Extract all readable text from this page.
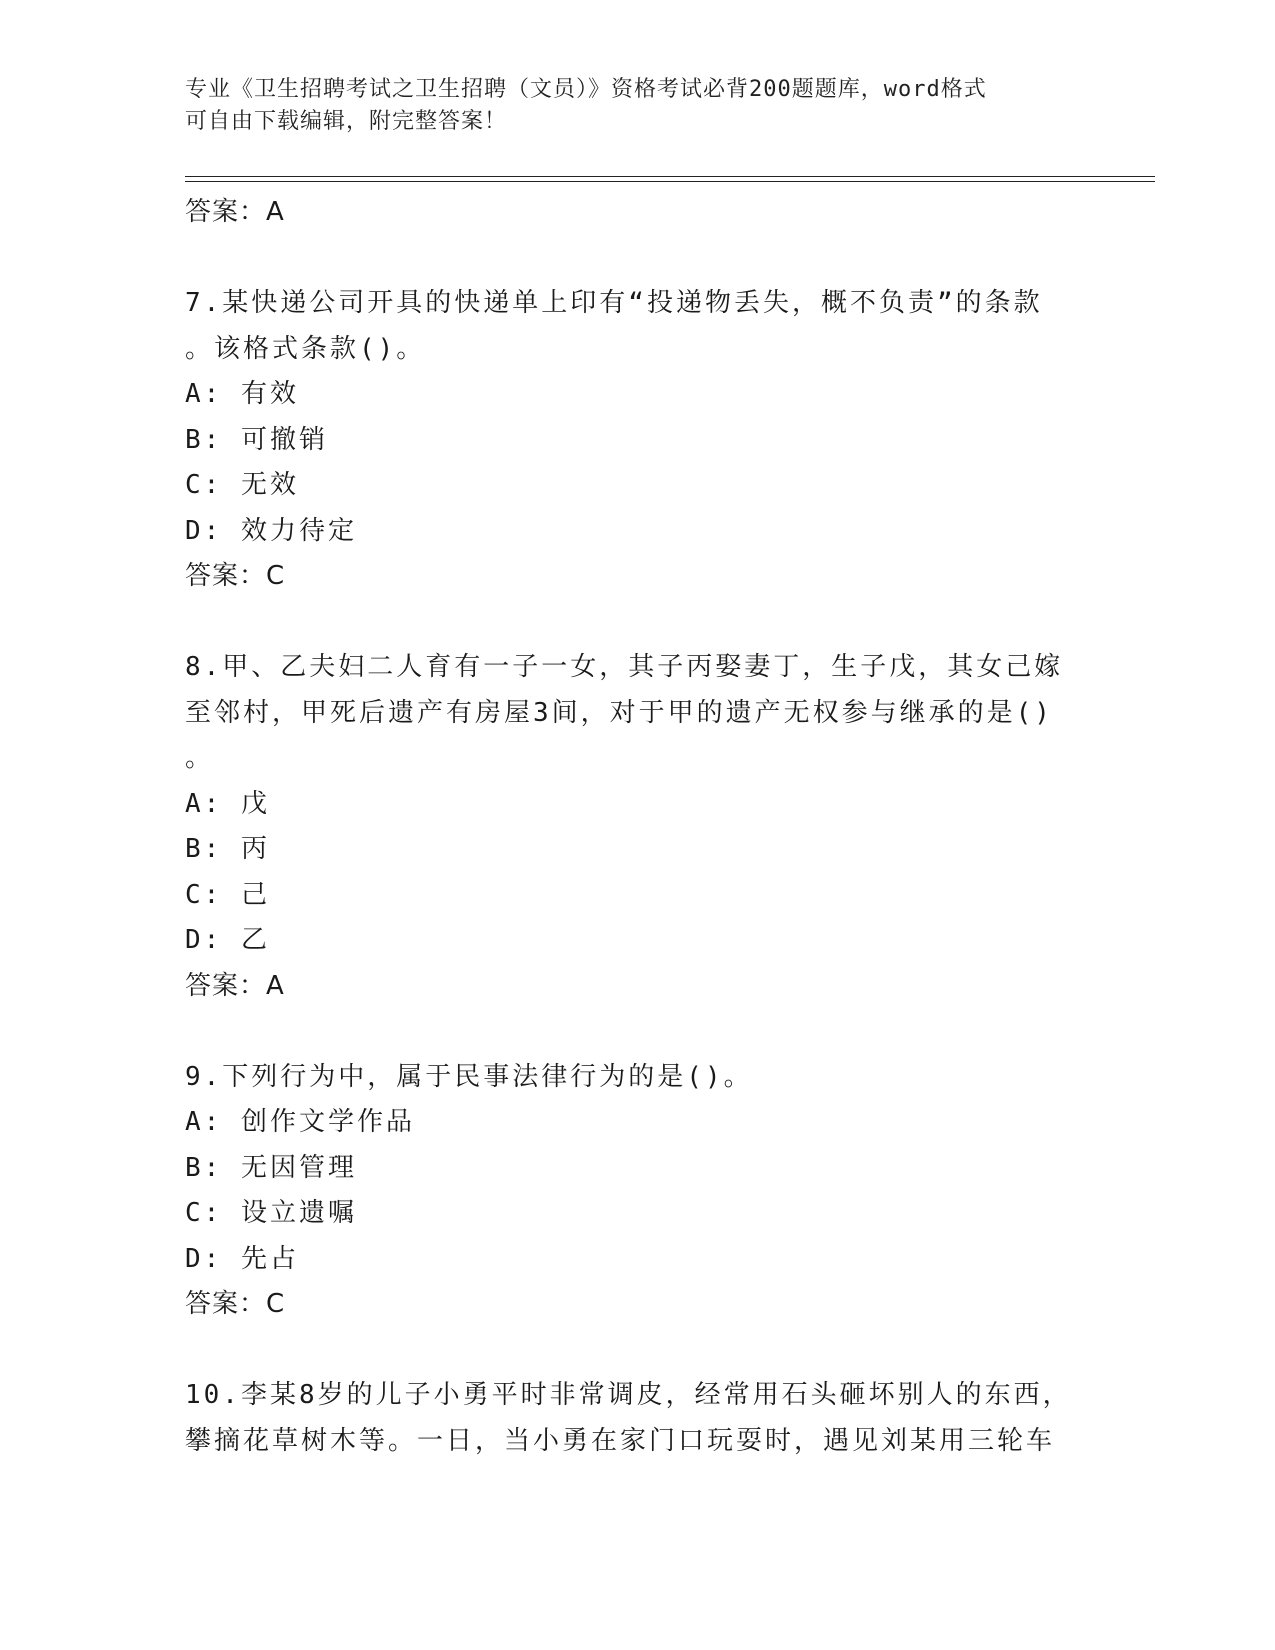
专业《卫生招聘考试之卫生招聘（文员）》资格考试必背200题题库，word格式
可自由下载编辑，附完整答案！
答案：A
7.某快递公司开具的快递单上印有“投递物丢失，概不负责”的条款
。该格式条款()。
A: 有效
B: 可撤销
C: 无效
D: 效力待定
答案：C
8.甲、乙夫妇二人育有一子一女，其子丙娶妻丁，生子戊，其女己嫁
至邻村，甲死后遗产有房屋3间，对于甲的遗产无权参与继承的是()
。
A: 戊
B: 丙
C: 己
D: 乙
答案：A
9.下列行为中，属于民事法律行为的是()。
A: 创作文学作品
B: 无因管理
C: 设立遗嘱
D: 先占
答案：C
10.李某8岁的儿子小勇平时非常调皮，经常用石头砸坏别人的东西，
攀摘花草树木等。一日，当小勇在家门口玩耍时，遇见刘某用三轮车
